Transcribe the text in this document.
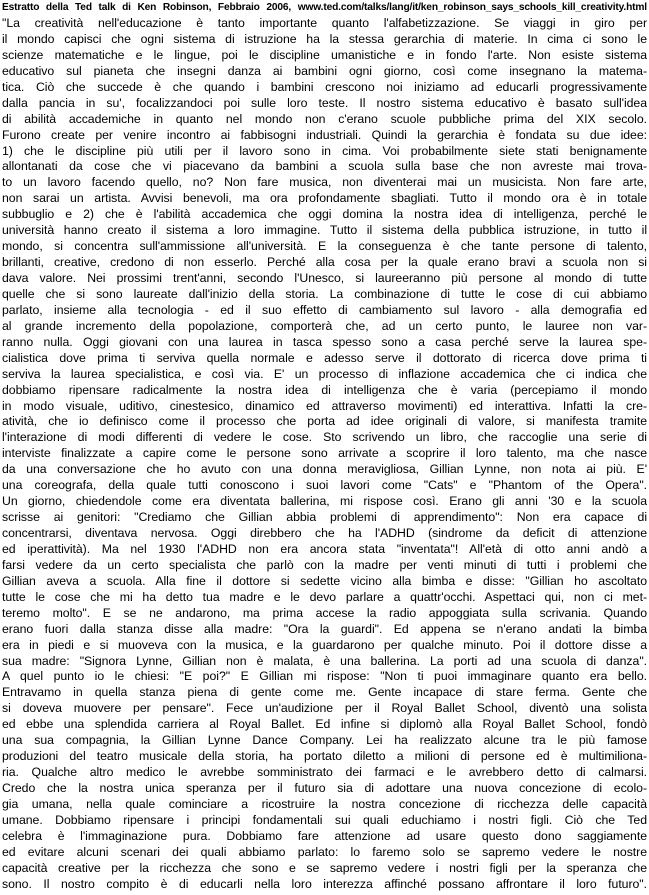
Estratto della Ted talk di Ken Robinson, Febbraio 2006, www.ted.com/talks/lang/it/ken_robinson_says_schools_kill_creativity.html
"La creatività nell'educazione è tanto importante quanto l'alfabetizzazione. Se viaggi in giro per
il mondo capisci che ogni sistema di istruzione ha la stessa gerarchia di materie. In cima ci sono le
scienze matematiche e le lingue, poi le discipline umanistiche e in fondo l'arte. Non esiste sistema
educativo sul pianeta che insegni danza ai bambini ogni giorno, così come insegnano la matema-
tica. Ciò che succede è che quando i bambini crescono noi iniziamo ad educarli progressivamente
dalla pancia in su', focalizzandoci poi sulle loro teste. Il nostro sistema educativo è basato sull'idea
di abilità accademiche in quanto nel mondo non c'erano scuole pubbliche prima del XIX secolo.
Furono create per venire incontro ai fabbisogni industriali. Quindi la gerarchia è fondata su due idee:
1) che le discipline più utili per il lavoro sono in cima. Voi probabilmente siete stati benignamente
allontanati da cose che vi piacevano da bambini a scuola sulla base che non avreste mai trova-
to un lavoro facendo quello, no? Non fare musica, non diventerai mai un musicista. Non fare arte,
non sarai un artista. Avvisi benevoli, ma ora profondamente sbagliati. Tutto il mondo ora è in totale
subbuglio e 2) che è l'abilità accademica che oggi domina la nostra idea di intelligenza, perché le
università hanno creato il sistema a loro immagine. Tutto il sistema della pubblica istruzione, in tutto il
mondo, si concentra sull'ammissione all'università. E la conseguenza è che tante persone di talento,
brillanti, creative, credono di non esserlo. Perché alla cosa per la quale erano bravi a scuola non si
dava valore. Nei prossimi trent'anni, secondo l'Unesco, si laureeranno più persone al mondo di tutte
quelle che si sono laureate dall'inizio della storia. La combinazione di tutte le cose di cui abbiamo
parlato, insieme alla tecnologia - ed il suo effetto di cambiamento sul lavoro - alla demografia ed
al grande incremento della popolazione, comporterà che, ad un certo punto, le lauree non var-
ranno nulla. Oggi giovani con una laurea in tasca spesso sono a casa perché serve la laurea spe-
cialistica dove prima ti serviva quella normale e adesso serve il dottorato di ricerca dove prima ti
serviva la laurea specialistica, e così via. E' un processo di inflazione accademica che ci indica che
dobbiamo ripensare radicalmente la nostra idea di intelligenza che è varia (percepiamo il mondo
in modo visuale, uditivo, cinestesico, dinamico ed attraverso movimenti) ed interattiva. Infatti la cre-
atività, che io definisco come il processo che porta ad idee originali di valore, si manifesta tramite
l'interazione di modi differenti di vedere le cose. Sto scrivendo un libro, che raccoglie una serie di
interviste finalizzate a capire come le persone sono arrivate a scoprire il loro talento, ma che nasce
da una conversazione che ho avuto con una donna meravigliosa, Gillian Lynne, non nota ai più. E'
una coreografa, della quale tutti conoscono i suoi lavori come "Cats" e "Phantom of the Opera".
Un giorno, chiedendole come era diventata ballerina, mi rispose così. Erano gli anni '30 e la scuola
scrisse ai genitori: "Crediamo che Gillian abbia problemi di apprendimento": Non era capace di
concentrarsi, diventava nervosa. Oggi direbbero che ha l'ADHD (sindrome da deficit di attenzione
ed iperattività). Ma nel 1930 l'ADHD non era ancora stata "inventata"! All'età di otto anni andò a
farsi vedere da un certo specialista che parlò con la madre per venti minuti di tutti i problemi che
Gillian aveva a scuola. Alla fine il dottore si sedette vicino alla bimba e disse: "Gillian ho ascoltato
tutte le cose che mi ha detto tua madre e le devo parlare a quattr'occhi. Aspettaci qui, non ci met-
teremo molto". E se ne andarono, ma prima accese la radio appoggiata sulla scrivania. Quando
erano fuori dalla stanza disse alla madre: "Ora la guardi". Ed appena se n'erano andati la bimba
era in piedi e si muoveva con la musica, e la guardarono per qualche minuto. Poi il dottore disse a
sua madre: "Signora Lynne, Gillian non è malata, è una ballerina. La porti ad una scuola di danza".
A quel punto io le chiesi: "E poi?" E Gillian mi rispose: "Non ti puoi immaginare quanto era bello.
Entravamo in quella stanza piena di gente come me. Gente incapace di stare ferma. Gente che
si doveva muovere per pensare". Fece un'audizione per il Royal Ballet School, diventò una solista
ed ebbe una splendida carriera al Royal Ballet. Ed infine si diplomò alla Royal Ballet School, fondò
una sua compagnia, la Gillian Lynne Dance Company. Lei ha realizzato alcune tra le più famose
produzioni del teatro musicale della storia, ha portato diletto a milioni di persone ed è multimiliona-
ria. Qualche altro medico le avrebbe somministrato dei farmaci e le avrebbero detto di calmarsi.
Credo che la nostra unica speranza per il futuro sia di adottare una nuova concezione di ecolo-
gia umana, nella quale cominciare a ricostruire la nostra concezione di ricchezza delle capacità
umane. Dobbiamo ripensare i principi fondamentali sui quali educhiamo i nostri figli. Ciò che Ted
celebra è l'immaginazione pura. Dobbiamo fare attenzione ad usare questo dono saggiamente
ed evitare alcuni scenari dei quali abbiamo parlato: lo faremo solo se sapremo vedere le nostre
capacità creative per la ricchezza che sono e se sapremo vedere i nostri figli per la speranza che
sono. Il nostro compito è di educarli nella loro interezza affinché possano affrontare il loro futuro".
